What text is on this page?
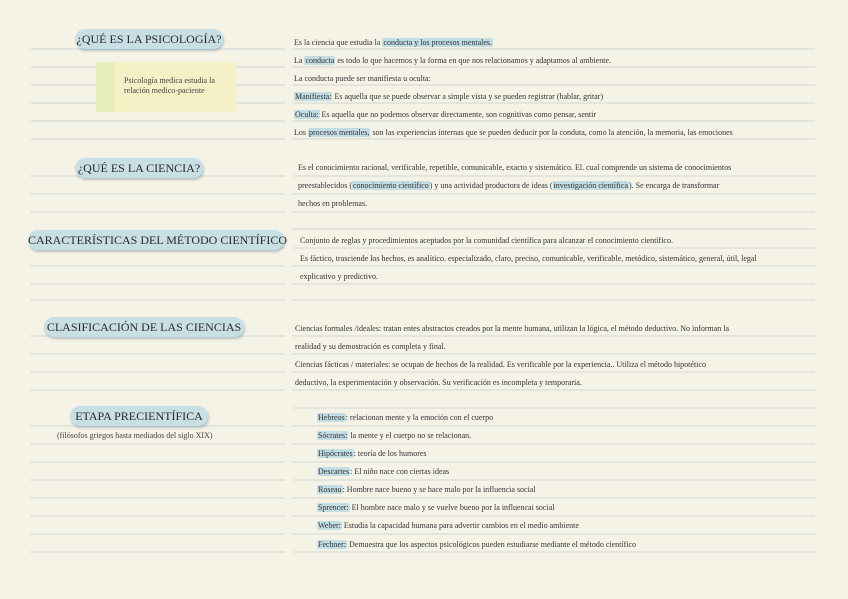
¿QUÉ ES LA PSICOLOGÍA?
Psicología medica estudia la relación medico-paciente
Es la ciencia que estudia la conducta y los procesos mentales.
La conducta es todo lo que hacemos y la forma en que nos relacionamos y adaptamos al ambiente.
La conducta puede ser manifiesta u oculta:
Manifiesta: Es aquella que se puede observar a simple vista y se pueden registrar (hablar, gritar)
Oculta: Es aquella que no podemos observar directamente, son cognitivas como pensar, sentir
Los procesos mentales, son las experiencias internas que se pueden deducir por la conduta, como la atención, la memoria, las emociones
¿QUÉ ES LA CIENCIA?	Es el conocimiento racional, verificable, repetible, comunicable, exacto y sistemático. El. cual comprende un sistema de conocimientos
preestablecidos (conocimiento científico) y una actividad productora de ideas (investigación científica). Se encarga de transformar
hechos en problemas.
CARACTERÍSTICAS DEL MÉTODO CIENTÍFICO Conjunto de reglas y procedimientos aceptados por la comunidad científica para alcanzar el conocimiento científico.
Es fáctico, trasciende los hechos, es analítico. especializado, claro, preciso, comunicable, verificable, metódico, sistemático, general, útil, legal
explicativo y predictivo.
CLASIFICACIÓN DE LAS CIENCIAS	Ciencias formales /ideales: tratan entes abstractos creados por la mente humana, utilizan la lógica, el método deductivo. No informan la
realidad y su demostración es completa y final.
Ciencias fácticas / materiales: se ocupan de hechos de la realidad. Es verificable por la experiencia.. Utiliza el método hipotético
deductivo, la experimentación y observación. Su verificación es incompleta y temporaria.
ETAPA PRECIENTÍFICA
(filósofos griegos hasta mediados del siglo XIX)
Hebreos: relacionan mente y la emoción con el cuerpo
Sócrates: la mente y el cuerpo no se relacionan.
Hipócrates: teoría de los humores
Descartes: El niño nace con ciertas ideas
Roseau: Hombre nace bueno y se hace malo por la influencia social
Sprencer: El hombre nace malo y se vuelve bueno por la influencai social
Weber: Estudia la capacidad humana para advertir cambios en el medio ambiente
Fechner: Demuestra que los aspectos psicológicos pueden estudiarse mediante el método científico
